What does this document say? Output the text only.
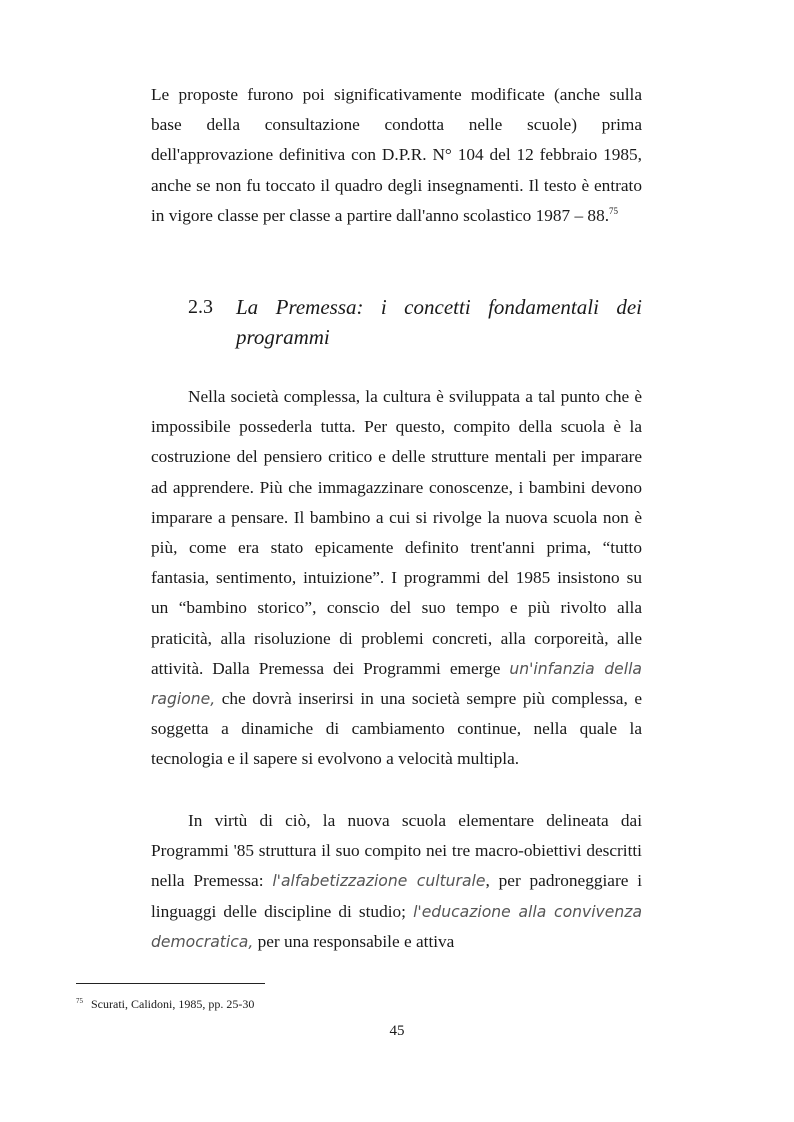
Le proposte furono poi significativamente modificate (anche sulla base della consultazione condotta nelle scuole) prima dell'approvazione definitiva con D.P.R. N° 104 del 12 febbraio 1985, anche se non fu toccato il quadro degli insegnamenti. Il testo è entrato in vigore classe per classe a partire dall'anno scolastico 1987 – 88.75
2.3 La Premessa: i concetti fondamentali dei programmi
Nella società complessa, la cultura è sviluppata a tal punto che è impossibile possederla tutta. Per questo, compito della scuola è la costruzione del pensiero critico e delle strutture mentali per imparare ad apprendere. Più che immagazzinare conoscenze, i bambini devono imparare a pensare. Il bambino a cui si rivolge la nuova scuola non è più, come era stato epicamente definito trent'anni prima, “tutto fantasia, sentimento, intuizione”. I programmi del 1985 insistono su un “bambino storico”, conscio del suo tempo e più rivolto alla praticità, alla risoluzione di problemi concreti, alla corporeità, alle attività. Dalla Premessa dei Programmi emerge un'infanzia della ragione, che dovrà inserirsi in una società sempre più complessa, e soggetta a dinamiche di cambiamento continue, nella quale la tecnologia e il sapere si evolvono a velocità multipla.
In virtù di ciò, la nuova scuola elementare delineata dai Programmi '85 struttura il suo compito nei tre macro-obiettivi descritti nella Premessa: l'alfabetizzazione culturale, per padroneggiare i linguaggi delle discipline di studio; l'educazione alla convivenza democratica, per una responsabile e attiva
$^{75}$ Scurati, Calidoni, 1985, pp. 25-30
45
